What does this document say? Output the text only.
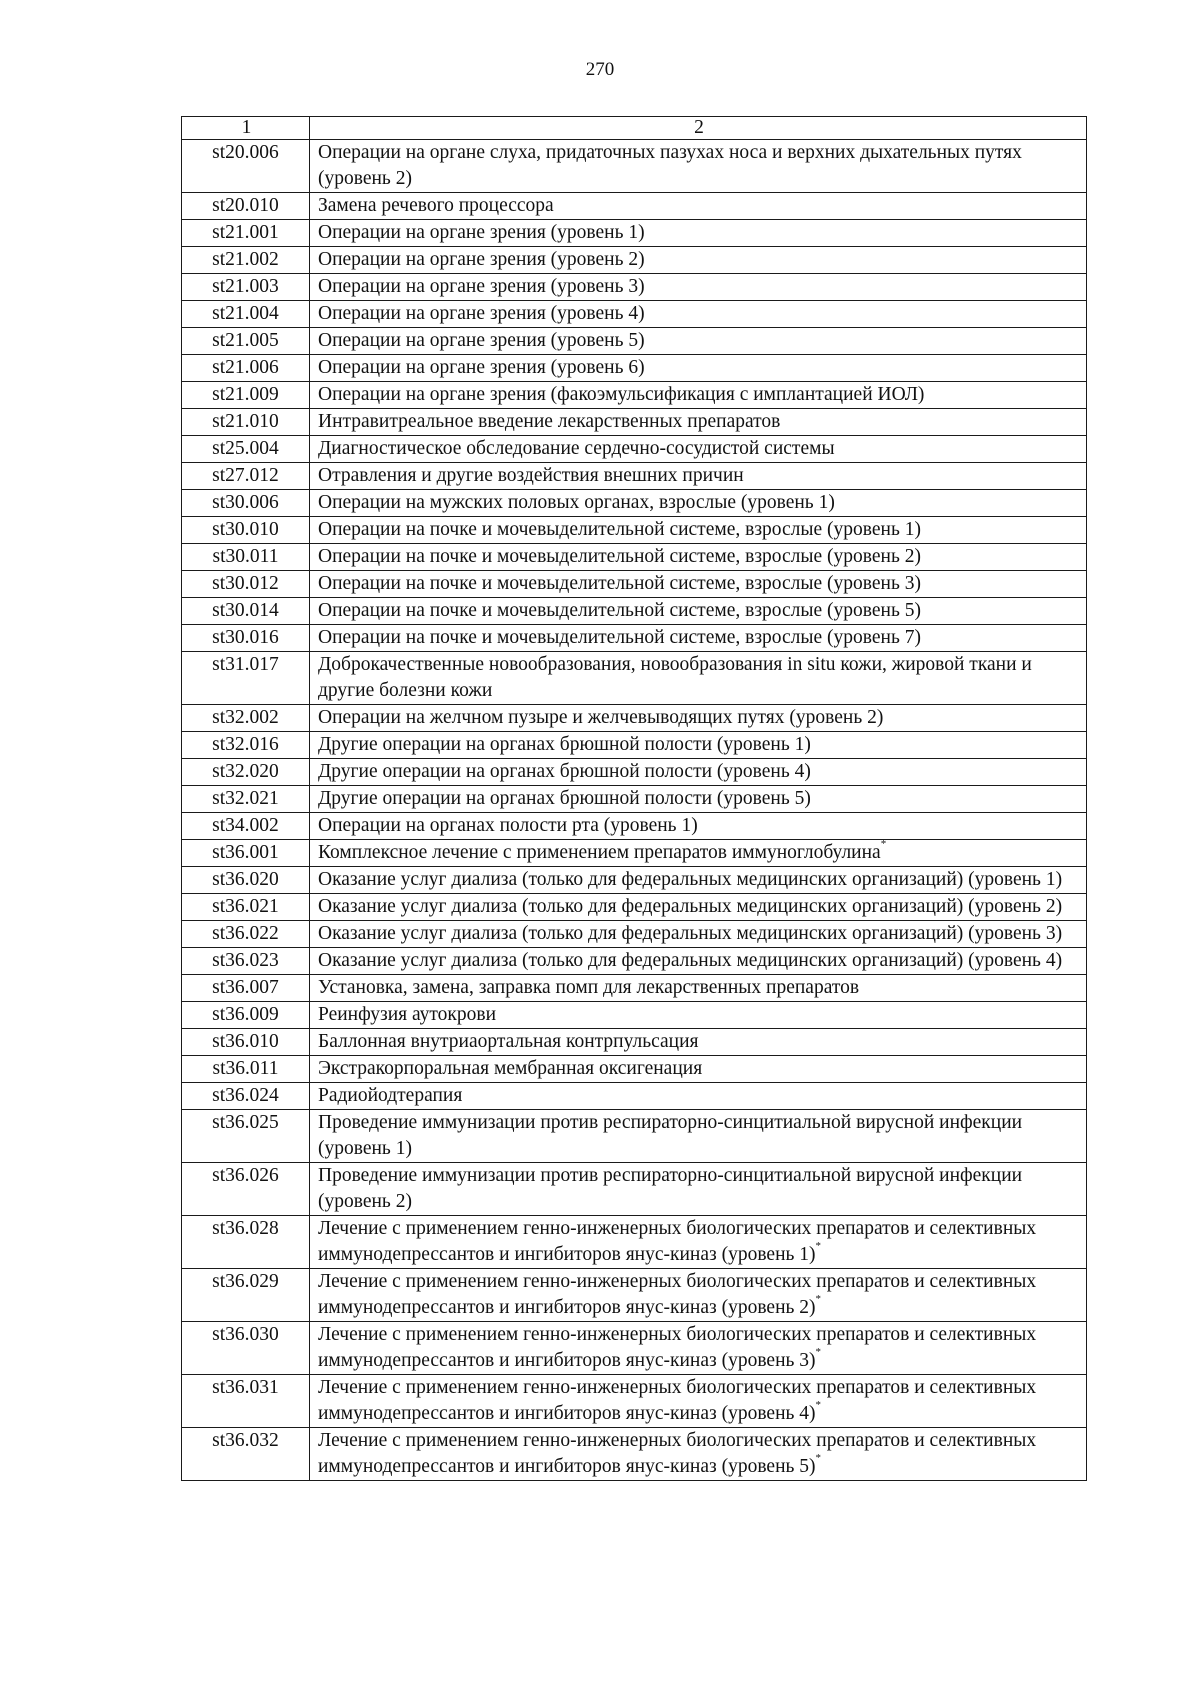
270
1	2
st20.006	Операции на органе слуха, придаточных пазухах носа и верхних дыхательных путях (уровень 2)
st20.010	Замена речевого процессора
st21.001	Операции на органе зрения (уровень 1)
st21.002	Операции на органе зрения (уровень 2)
st21.003	Операции на органе зрения (уровень 3)
st21.004	Операции на органе зрения (уровень 4)
st21.005	Операции на органе зрения (уровень 5)
st21.006	Операции на органе зрения (уровень 6)
st21.009	Операции на органе зрения (факоэмульсификация с имплантацией ИОЛ)
st21.010	Интравитреальное введение лекарственных препаратов
st25.004	Диагностическое обследование сердечно-сосудистой системы
st27.012	Отравления и другие воздействия внешних причин
st30.006	Операции на мужских половых органах, взрослые (уровень 1)
st30.010	Операции на почке и мочевыделительной системе, взрослые (уровень 1)
st30.011	Операции на почке и мочевыделительной системе, взрослые (уровень 2)
st30.012	Операции на почке и мочевыделительной системе, взрослые (уровень 3)
st30.014	Операции на почке и мочевыделительной системе, взрослые (уровень 5)
st30.016	Операции на почке и мочевыделительной системе, взрослые (уровень 7)
st31.017	Доброкачественные новообразования, новообразования in situ кожи, жировой ткани и другие болезни кожи
st32.002	Операции на желчном пузыре и желчевыводящих путях (уровень 2)
st32.016	Другие операции на органах брюшной полости (уровень 1)
st32.020	Другие операции на органах брюшной полости (уровень 4)
st32.021	Другие операции на органах брюшной полости (уровень 5)
st34.002	Операции на органах полости рта (уровень 1)
st36.001	Комплексное лечение с применением препаратов иммуноглобулина*
st36.020	Оказание услуг диализа (только для федеральных медицинских организаций) (уровень 1)
st36.021	Оказание услуг диализа (только для федеральных медицинских организаций) (уровень 2)
st36.022	Оказание услуг диализа (только для федеральных медицинских организаций) (уровень 3)
st36.023	Оказание услуг диализа (только для федеральных медицинских организаций) (уровень 4)
st36.007	Установка, замена, заправка помп для лекарственных препаратов
st36.009	Реинфузия аутокрови
st36.010	Баллонная внутриаортальная контрпульсация
st36.011	Экстракорпоральная мембранная оксигенация
st36.024	Радиойодтерапия
st36.025	Проведение иммунизации против респираторно-синцитиальной вирусной инфекции (уровень 1)
st36.026	Проведение иммунизации против респираторно-синцитиальной вирусной инфекции (уровень 2)
st36.028	Лечение с применением генно-инженерных биологических препаратов и селективных иммунодепрессантов и ингибиторов янус-киназ (уровень 1)*
st36.029	Лечение с применением генно-инженерных биологических препаратов и селективных иммунодепрессантов и ингибиторов янус-киназ (уровень 2)*
st36.030	Лечение с применением генно-инженерных биологических препаратов и селективных иммунодепрессантов и ингибиторов янус-киназ (уровень 3)*
st36.031	Лечение с применением генно-инженерных биологических препаратов и селективных иммунодепрессантов и ингибиторов янус-киназ (уровень 4)*
st36.032	Лечение с применением генно-инженерных биологических препаратов и селективных иммунодепрессантов и ингибиторов янус-киназ (уровень 5)*
